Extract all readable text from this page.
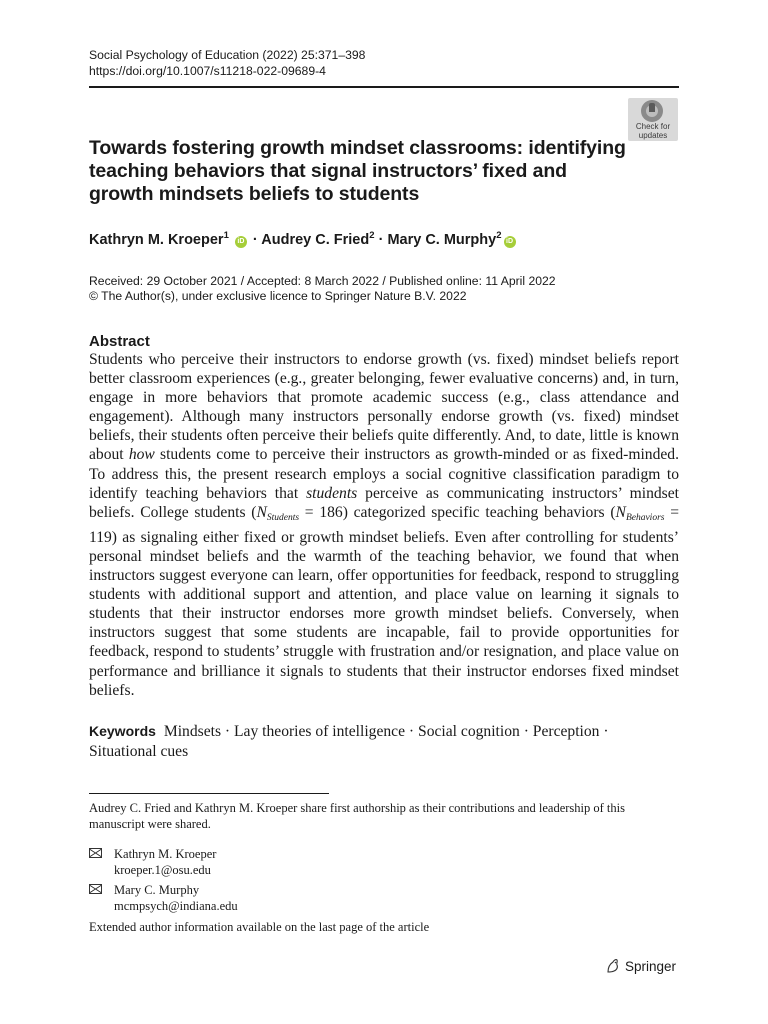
Social Psychology of Education (2022) 25:371–398
https://doi.org/10.1007/s11218-022-09689-4
Check for
updates
Towards fostering growth mindset classrooms: identifying teaching behaviors that signal instructors’ fixed and growth mindsets beliefs to students
Kathryn M. Kroeper$^1$ iD · Audrey C. Fried$^2$ · Mary C. Murphy$^2$iD
Received: 29 October 2021 / Accepted: 8 March 2022 / Published online: 11 April 2022
© The Author(s), under exclusive licence to Springer Nature B.V. 2022
Abstract
Students who perceive their instructors to endorse growth (vs. fixed) mindset beliefs report better classroom experiences (e.g., greater belonging, fewer evaluative concerns) and, in turn, engage in more behaviors that promote academic success (e.g., class attendance and engagement). Although many instructors personally endorse growth (vs. fixed) mindset beliefs, their students often perceive their beliefs quite differently. And, to date, little is known about how students come to perceive their instructors as growth-minded or as fixed-minded. To address this, the present research employs a social cognitive classification paradigm to identify teaching behaviors that students perceive as communicating instructors’ mindset beliefs. College students $(N_{Students} = 186)$ categorized specific teaching behaviors $(N_{Behaviors} = 119)$ as signaling either fixed or growth mindset beliefs. Even after controlling for students’ personal mindset beliefs and the warmth of the teaching behavior, we found that when instructors suggest everyone can learn, offer opportunities for feedback, respond to struggling students with additional support and attention, and place value on learning it signals to students that their instructor endorses more growth mindset beliefs. Conversely, when instructors suggest that some students are incapable, fail to provide opportunities for feedback, respond to students’ struggle with frustration and/or resignation, and place value on performance and brilliance it signals to students that their instructor endorses fixed mindset beliefs.
Keywords Mindsets · Lay theories of intelligence · Social cognition · Perception · Situational cues
Audrey C. Fried and Kathryn M. Kroeper share first authorship as their contributions and leadership of this manuscript were shared.
Kathryn M. Kroeper
kroeper.1@osu.edu
Mary C. Murphy
mcmpsych@indiana.edu
Extended author information available on the last page of the article
Springer
